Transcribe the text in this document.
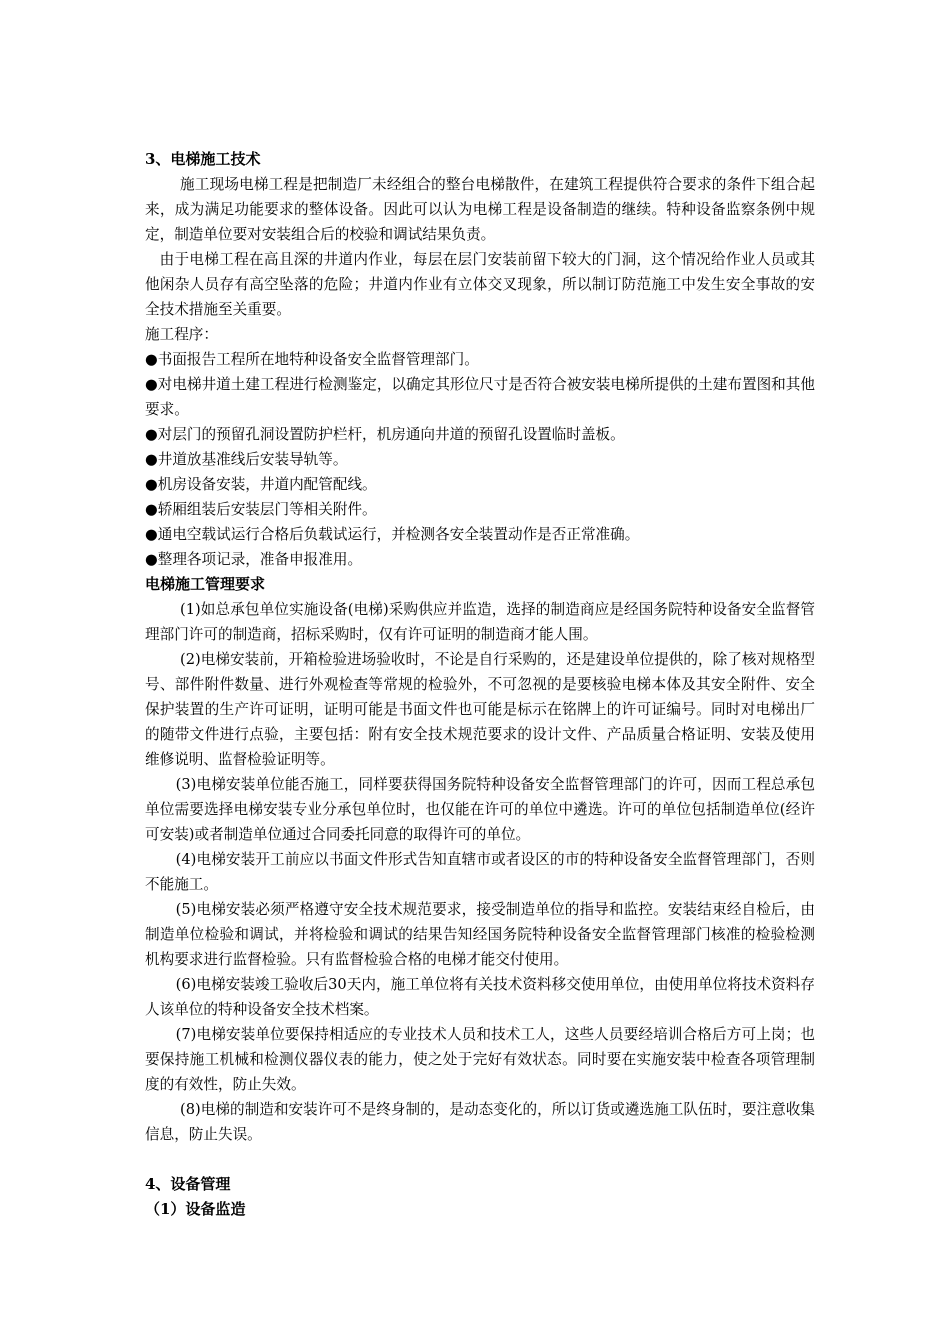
3、电梯施工技术

施工现场电梯工程是把制造厂未经组合的整台电梯散件，在建筑工程提供符合要求的条件下组合起来，成为满足功能要求的整体设备。因此可以认为电梯工程是设备制造的继续。特种设备监察条例中规定，制造单位要对安装组合后的校验和调试结果负责。

由于电梯工程在高且深的井道内作业，每层在层门安装前留下较大的门洞，这个情况给作业人员或其他闲杂人员存有高空坠落的危险；井道内作业有立体交叉现象，所以制订防范施工中发生安全事故的安全技术措施至关重要。

施工程序：

●书面报告工程所在地特种设备安全监督管理部门。

●对电梯井道土建工程进行检测鉴定，以确定其形位尺寸是否符合被安装电梯所提供的土建布置图和其他要求。

●对层门的预留孔洞设置防护栏杆，机房通向井道的预留孔设置临时盖板。

●井道放基准线后安装导轨等。

●机房设备安装，井道内配管配线。

●轿厢组装后安装层门等相关附件。

●通电空载试运行合格后负载试运行，并检测各安全装置动作是否正常准确。

●整理各项记录，准备申报准用。

电梯施工管理要求

(1)如总承包单位实施设备(电梯)采购供应并监造，选择的制造商应是经国务院特种设备安全监督管理部门许可的制造商，招标采购时，仅有许可证明的制造商才能人围。

(2)电梯安装前，开箱检验进场验收时，不论是自行采购的，还是建设单位提供的，除了核对规格型号、部件附件数量、进行外观检查等常规的检验外，不可忽视的是要核验电梯本体及其安全附件、安全保护装置的生产许可证明，证明可能是书面文件也可能是标示在铭牌上的许可证编号。同时对电梯出厂的随带文件进行点验，主要包括：附有安全技术规范要求的设计文件、产品质量合格证明、安装及使用维修说明、监督检验证明等。

(3)电梯安装单位能否施工，同样要获得国务院特种设备安全监督管理部门的许可，因而工程总承包单位需要选择电梯安装专业分承包单位时，也仅能在许可的单位中遴选。许可的单位包括制造单位(经许可安装)或者制造单位通过合同委托同意的取得许可的单位。

(4)电梯安装开工前应以书面文件形式告知直辖市或者设区的市的特种设备安全监督管理部门，否则不能施工。

(5)电梯安装必须严格遵守安全技术规范要求，接受制造单位的指导和监控。安装结束经自检后，由制造单位检验和调试，并将检验和调试的结果告知经国务院特种设备安全监督管理部门核准的检验检测机构要求进行监督检验。只有监督检验合格的电梯才能交付使用。

(6)电梯安装竣工验收后30天内，施工单位将有关技术资料移交使用单位，由使用单位将技术资料存人该单位的特种设备安全技术档案。

(7)电梯安装单位要保持相适应的专业技术人员和技术工人，这些人员要经培训合格后方可上岗；也要保持施工机械和检测仪器仪表的能力，使之处于完好有效状态。同时要在实施安装中检查各项管理制度的有效性，防止失效。

(8)电梯的制造和安装许可不是终身制的，是动态变化的，所以订货或遴选施工队伍时，要注意收集信息，防止失误。

4、设备管理

（1）设备监造
